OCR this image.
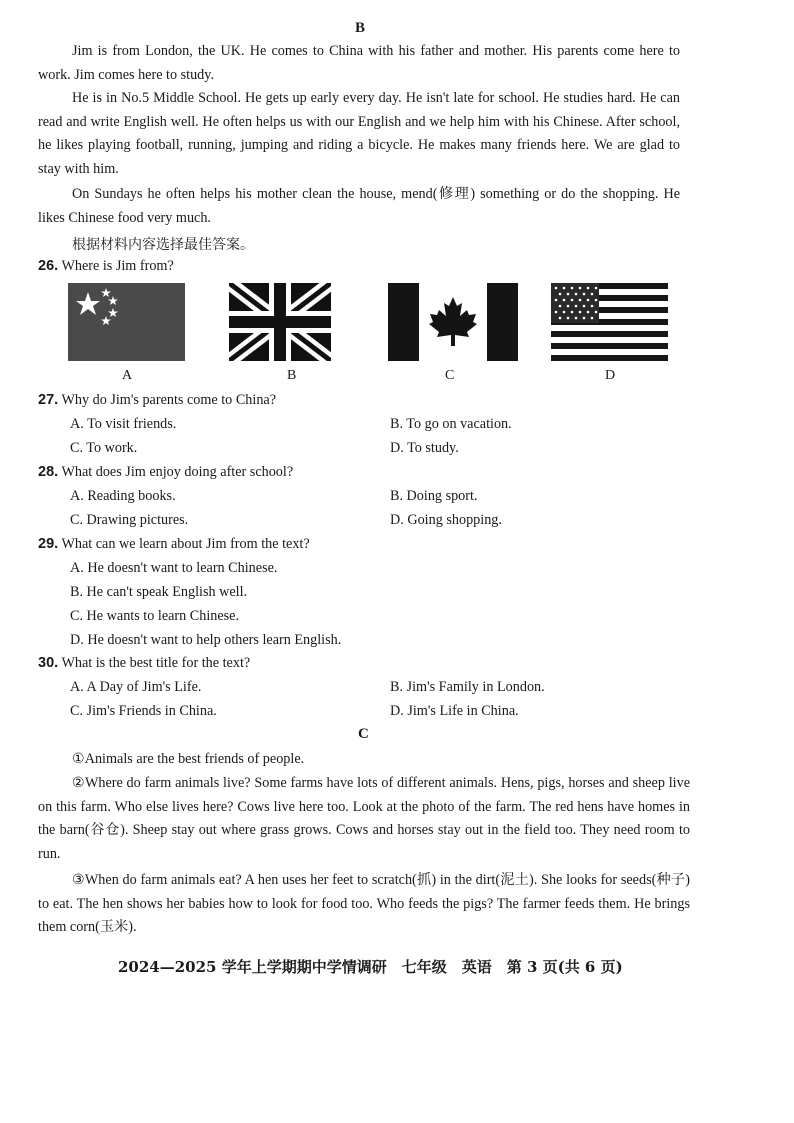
B
Jim is from London, the UK. He comes to China with his father and mother. His parents come here to work. Jim comes here to study.
He is in No.5 Middle School. He gets up early every day. He isn't late for school. He studies hard. He can read and write English well. He often helps us with our English and we help him with his Chinese. After school, he likes playing football, running, jumping and riding a bicycle. He makes many friends here. We are glad to stay with him.
On Sundays he often helps his mother clean the house, mend(修理) something or do the shopping. He likes Chinese food very much.
根据材料内容选择最佳答案。
26. Where is Jim from?
A	B	C	D
27. Why do Jim's parents come to China?
A. To visit friends.	B. To go on vacation.
C. To work.	D. To study.
28. What does Jim enjoy doing after school?
A. Reading books.	B. Doing sport.
C. Drawing pictures.	D. Going shopping.
29. What can we learn about Jim from the text?
A. He doesn't want to learn Chinese.
B. He can't speak English well.
C. He wants to learn Chinese.
D. He doesn't want to help others learn English.
30. What is the best title for the text?
A. A Day of Jim's Life.	B. Jim's Family in London.
C. Jim's Friends in China.	D. Jim's Life in China.
C
①Animals are the best friends of people.
②Where do farm animals live? Some farms have lots of different animals. Hens, pigs, horses and sheep live on this farm. Who else lives here? Cows live here too. Look at the photo of the farm. The red hens have homes in the barn(谷仓). Sheep stay out where grass grows. Cows and horses stay out in the field too. They need room to run.
③When do farm animals eat? A hen uses her feet to scratch(抓) in the dirt(泥土). She looks for seeds(种子) to eat. The hen shows her babies how to look for food too. Who feeds the pigs? The farmer feeds them. He brings them corn(玉米).
2024—2025 学年上学期期中学情调研　七年级　英语　第 3 页(共 6 页)
